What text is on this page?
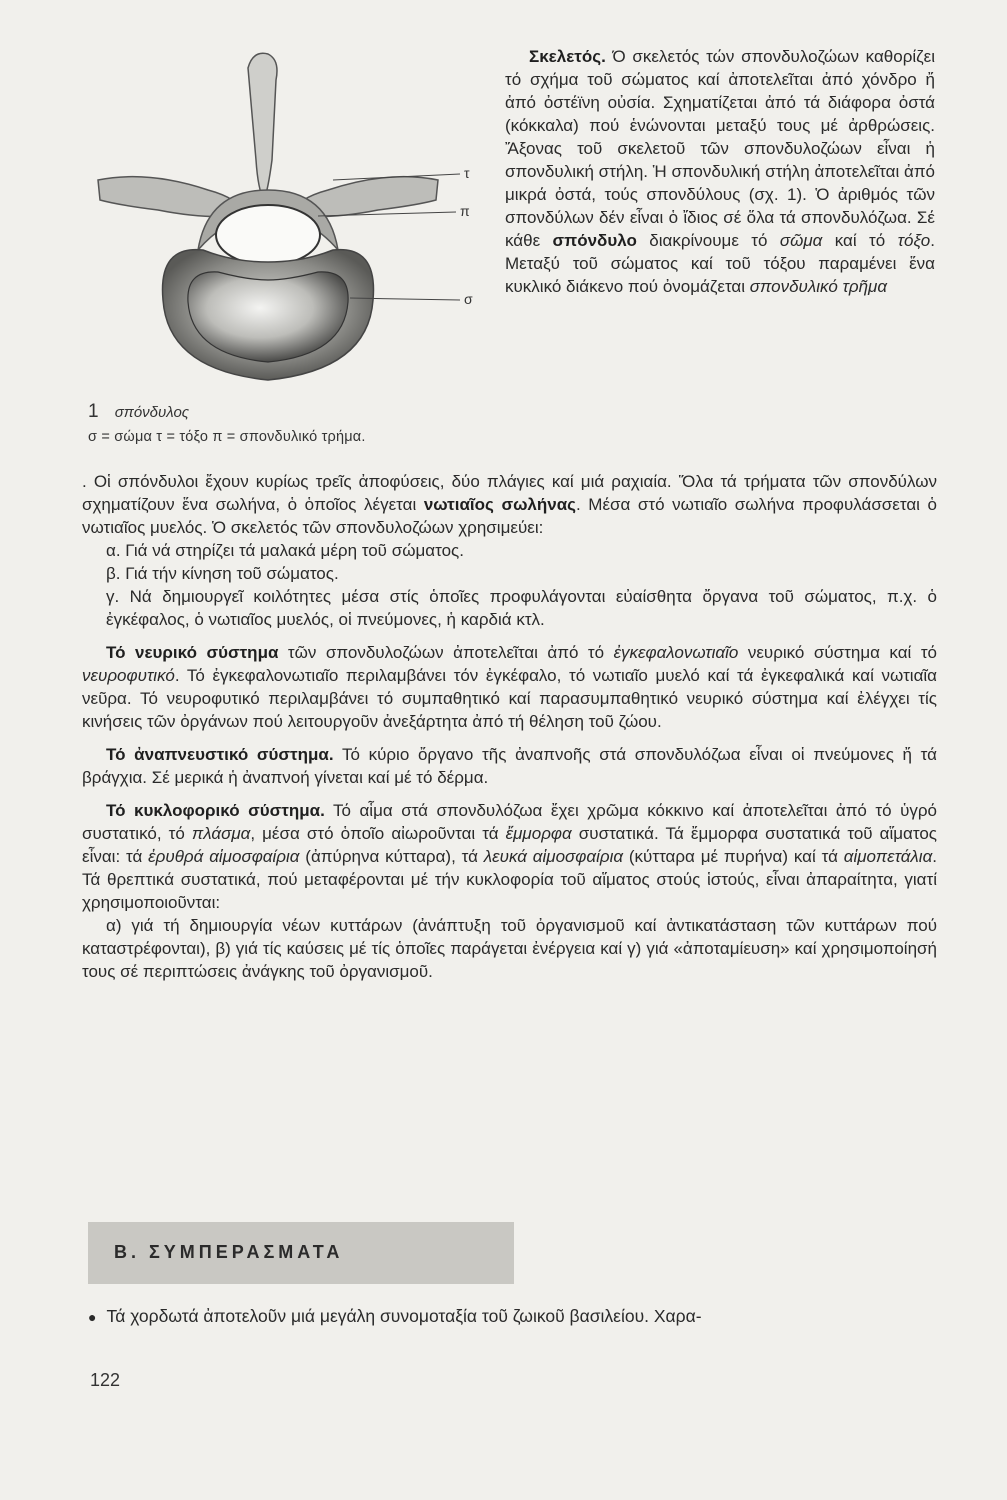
τ
π
σ
1 σπόνδυλος
σ = σώμα τ = τόξο π = σπονδυλικό τρήμα.

Σκελετός. Ό σκελετός τών σπονδυλοζώων καθορίζει τό σχήμα τοῦ σώματος καί ἀποτελεῖται ἀπό χόνδρο ἤ ἀπό ὀστέϊνη οὐσία. Σχηματίζεται ἀπό τά διάφορα ὀστά (κόκκαλα) πού ἑνώνονται μεταξύ τους μέ ἀρθρώσεις. Ἄξονας τοῦ σκελετοῦ τῶν σπονδυλοζώων εἶναι ἡ σπονδυλική στήλη. Ἡ σπονδυλική στήλη ἀποτελεῖται ἀπό μικρά ὀστά, τούς σπονδύλους (σχ. 1). Ὁ ἀριθμός τῶν σπονδύλων δέν εἶναι ὁ ἴδιος σέ ὅλα τά σπονδυλόζωα. Σέ κάθε σπόνδυλο διακρίνουμε τό σῶμα καί τό τόξο. Μεταξύ τοῦ σώματος καί τοῦ τόξου παραμένει ἕνα κυκλικό διάκενο πού ὀνομάζεται σπονδυλικό τρῆμα

. Οἱ σπόνδυλοι ἔχουν κυρίως τρεῖς ἀποφύσεις, δύο πλάγιες καί μιά ραχιαία. Ὅλα τά τρήματα τῶν σπονδύλων σχηματίζουν ἕνα σωλήνα, ὁ ὁποῖος λέγεται νωτιαῖος σωλήνας. Μέσα στό νωτιαῖο σωλήνα προφυλάσσεται ὁ νωτιαῖος μυελός. Ὁ σκελετός τῶν σπονδυλοζώων χρησιμεύει:

α. Γιά νά στηρίζει τά μαλακά μέρη τοῦ σώματος.

β. Γιά τήν κίνηση τοῦ σώματος.

γ. Νά δημιουργεῖ κοιλότητες μέσα στίς ὁποῖες προφυλάγονται εὐαίσθητα ὄργανα τοῦ σώματος, π.χ. ὁ ἐγκέφαλος, ὁ νωτιαῖος μυελός, οἱ πνεύμονες, ἡ καρδιά κτλ.

Τό νευρικό σύστημα τῶν σπονδυλοζώων ἀποτελεῖται ἀπό τό ἐγκεφαλονωτιαῖο νευρικό σύστημα καί τό νευροφυτικό. Τό ἐγκεφαλονωτιαῖο περιλαμβάνει τόν ἐγκέφαλο, τό νωτιαῖο μυελό καί τά ἐγκεφαλικά καί νωτιαῖα νεῦρα. Τό νευροφυτικό περιλαμβάνει τό συμπαθητικό καί παρασυμπαθητικό νευρικό σύστημα καί ἐλέγχει τίς κινήσεις τῶν ὀργάνων πού λειτουργοῦν ἀνεξάρτητα ἀπό τή θέληση τοῦ ζώου.

Τό ἀναπνευστικό σύστημα. Τό κύριο ὄργανο τῆς ἀναπνοῆς στά σπονδυλόζωα εἶναι οἱ πνεύμονες ἤ τά βράγχια. Σέ μερικά ἡ ἀναπνοή γίνεται καί μέ τό δέρμα.

Τό κυκλοφορικό σύστημα. Τό αἷμα στά σπονδυλόζωα ἔχει χρῶμα κόκκινο καί ἀποτελεῖται ἀπό τό ὑγρό συστατικό, τό πλάσμα, μέσα στό ὁποῖο αἰωροῦνται τά ἔμμορφα συστατικά. Τά ἔμμορφα συστατικά τοῦ αἵματος εἶναι: τά ἐρυθρά αἱμοσφαίρια (ἀπύρηνα κύτταρα), τά λευκά αἱμοσφαίρια (κύτταρα μέ πυρήνα) καί τά αἱμοπετάλια. Τά θρεπτικά συστατικά, πού μεταφέρονται μέ τήν κυκλοφορία τοῦ αἵματος στούς ἱστούς, εἶναι ἀπαραίτητα, γιατί χρησιμοποιοῦνται:

α) γιά τή δημιουργία νέων κυττάρων (ἀνάπτυξη τοῦ ὀργανισμοῦ καί ἀντικατάσταση τῶν κυττάρων πού καταστρέφονται), β) γιά τίς καύσεις μέ τίς ὁποῖες παράγεται ἐνέργεια καί γ) γιά «ἀποταμίευση» καί χρησιμοποίησή τους σέ περιπτώσεις ἀνάγκης τοῦ ὀργανισμοῦ.

Β. ΣΥΜΠΕΡΑΣΜΑΤΑ
● Τά χορδωτά ἀποτελοῦν μιά μεγάλη συνομοταξία τοῦ ζωικοῦ βασιλείου. Χαρα-
122
